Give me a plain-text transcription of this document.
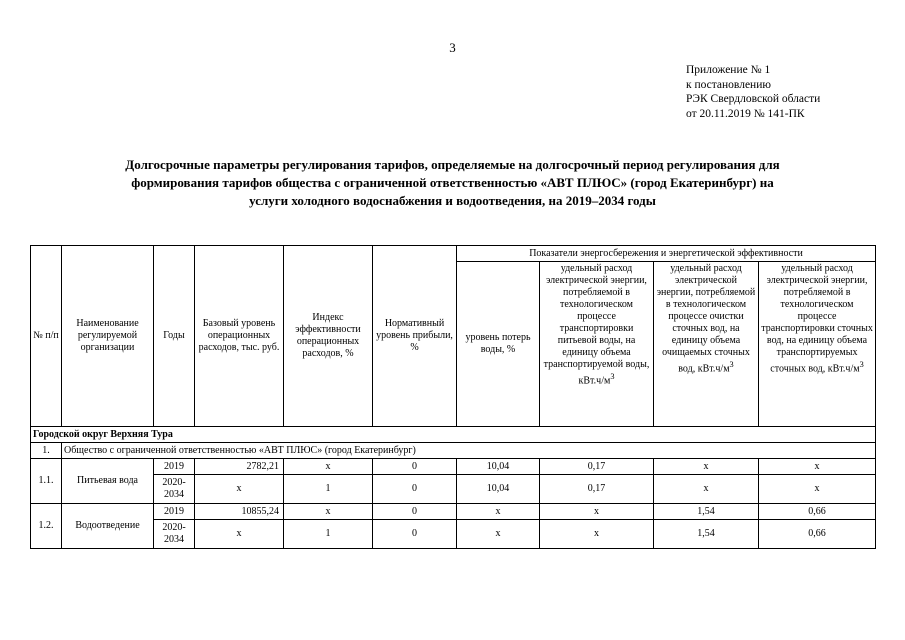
3
Приложение № 1
к постановлению
РЭК Свердловской области
от 20.11.2019 № 141-ПК
Долгосрочные параметры регулирования тарифов, определяемые на долгосрочный период регулирования для
формирования тарифов общества с ограниченной ответственностью «АВТ ПЛЮС» (город Екатеринбург) на
услуги холодного водоснабжения и водоотведения, на 2019–2034 годы
№ п/п	Наименование регулируемой организации	Годы	Базовый уровень операционных расходов, тыс. руб.	Индекс эффективности операционных расходов, %	Нормативный уровень прибыли, %	Показатели энергосбережения и энергетической эффективности			
						уровень потерь воды, %	удельный расход электрической энергии, потребляемой в технологическом процессе транспортировки питьевой воды, на единицу объема транспортируемой воды, $кВт.ч/м^3$	удельный расход электрической энергии, потребляемой в технологическом процессе очистки сточных вод, на единицу объема очищаемых сточных вод, $кВт.ч/м^3$	удельный расход электрической энергии, потребляемой в технологическом процессе транспортировки сточных вод, на единицу объема транспортируемых сточных вод, $кВт.ч/м^3$
Городской округ Верхняя Тура									
1.	Общество с ограниченной ответственностью «АВТ ПЛЮС» (город Екатеринбург)								
1.1.	Питьевая вода	2019	2782,21	х	0	10,04	0,17	х	х
		2020-2034	х	1	0	10,04	0,17	х	х
1.2.	Водоотведение	2019	10855,24	х	0	х	х	1,54	0,66
		2020-2034	х	1	0	х	х	1,54	0,66
